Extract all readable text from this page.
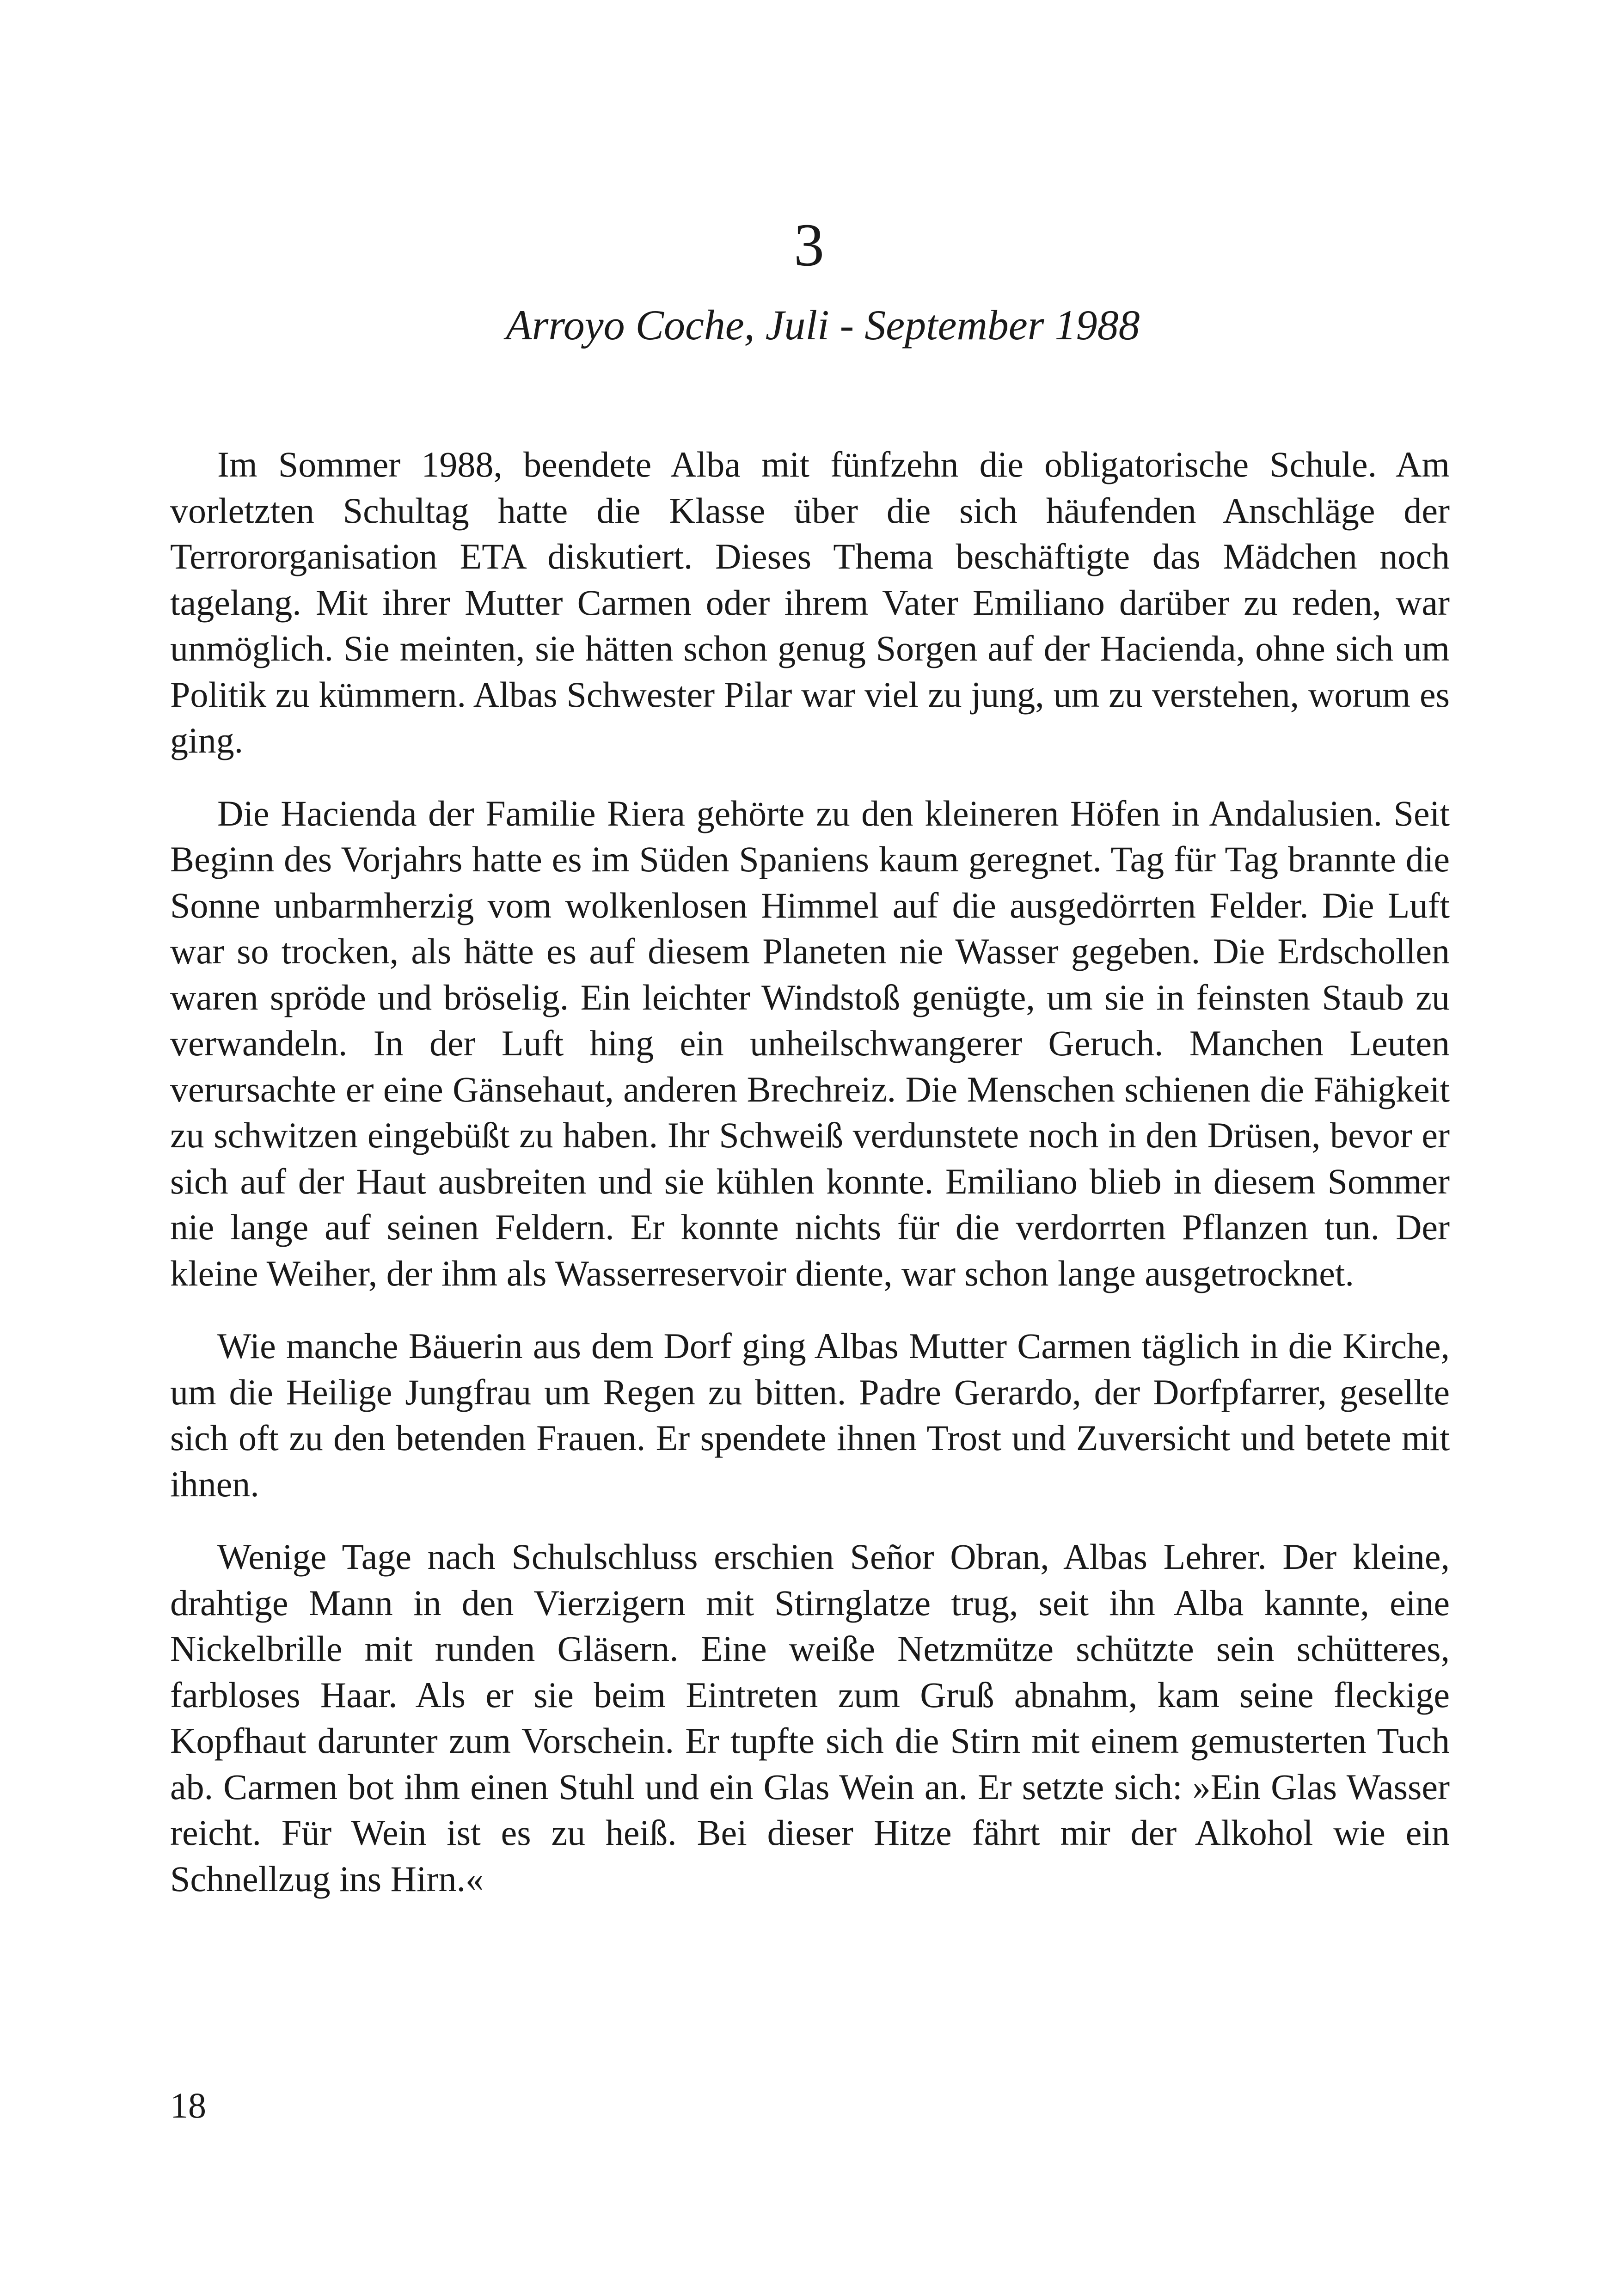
3

Arroyo Coche, Juli - September 1988

Im Sommer 1988, beendete Alba mit fünfzehn die obligatorische Schule. Am vorletzten Schultag hatte die Klasse über die sich häufenden Anschläge der Terrororganisation ETA diskutiert. Dieses Thema beschäftigte das Mädchen noch tagelang. Mit ihrer Mutter Carmen oder ihrem Vater Emiliano darüber zu reden, war unmöglich. Sie meinten, sie hätten schon genug Sorgen auf der Hacienda, ohne sich um Politik zu kümmern. Albas Schwester Pilar war viel zu jung, um zu verstehen, worum es ging.

Die Hacienda der Familie Riera gehörte zu den kleineren Höfen in Andalusien. Seit Beginn des Vorjahrs hatte es im Süden Spaniens kaum geregnet. Tag für Tag brannte die Sonne unbarmherzig vom wolkenlosen Himmel auf die ausgedörrten Felder. Die Luft war so trocken, als hätte es auf diesem Planeten nie Wasser gegeben. Die Erdschollen waren spröde und bröselig. Ein leichter Windstoß genügte, um sie in feinsten Staub zu verwandeln. In der Luft hing ein unheilschwangerer Geruch. Manchen Leuten verursachte er eine Gänsehaut, anderen Brechreiz. Die Menschen schienen die Fähigkeit zu schwitzen eingebüßt zu haben. Ihr Schweiß verdunstete noch in den Drüsen, bevor er sich auf der Haut ausbreiten und sie kühlen konnte. Emiliano blieb in diesem Sommer nie lange auf seinen Feldern. Er konnte nichts für die verdorrten Pflanzen tun. Der kleine Weiher, der ihm als Wasserreservoir diente, war schon lange ausgetrocknet.

Wie manche Bäuerin aus dem Dorf ging Albas Mutter Carmen täglich in die Kirche, um die Heilige Jungfrau um Regen zu bitten. Padre Gerardo, der Dorfpfarrer, gesellte sich oft zu den betenden Frauen. Er spendete ihnen Trost und Zuversicht und betete mit ihnen.

Wenige Tage nach Schulschluss erschien Señor Obran, Albas Lehrer. Der kleine, drahtige Mann in den Vierzigern mit Stirnglatze trug, seit ihn Alba kannte, eine Nickelbrille mit runden Gläsern. Eine weiße Netzmütze schützte sein schütteres, farbloses Haar. Als er sie beim Eintreten zum Gruß abnahm, kam seine fleckige Kopfhaut darunter zum Vorschein. Er tupfte sich die Stirn mit einem gemusterten Tuch ab. Carmen bot ihm einen Stuhl und ein Glas Wein an. Er setzte sich: »Ein Glas Wasser reicht. Für Wein ist es zu heiß. Bei dieser Hitze fährt mir der Alkohol wie ein Schnellzug ins Hirn.«

18
